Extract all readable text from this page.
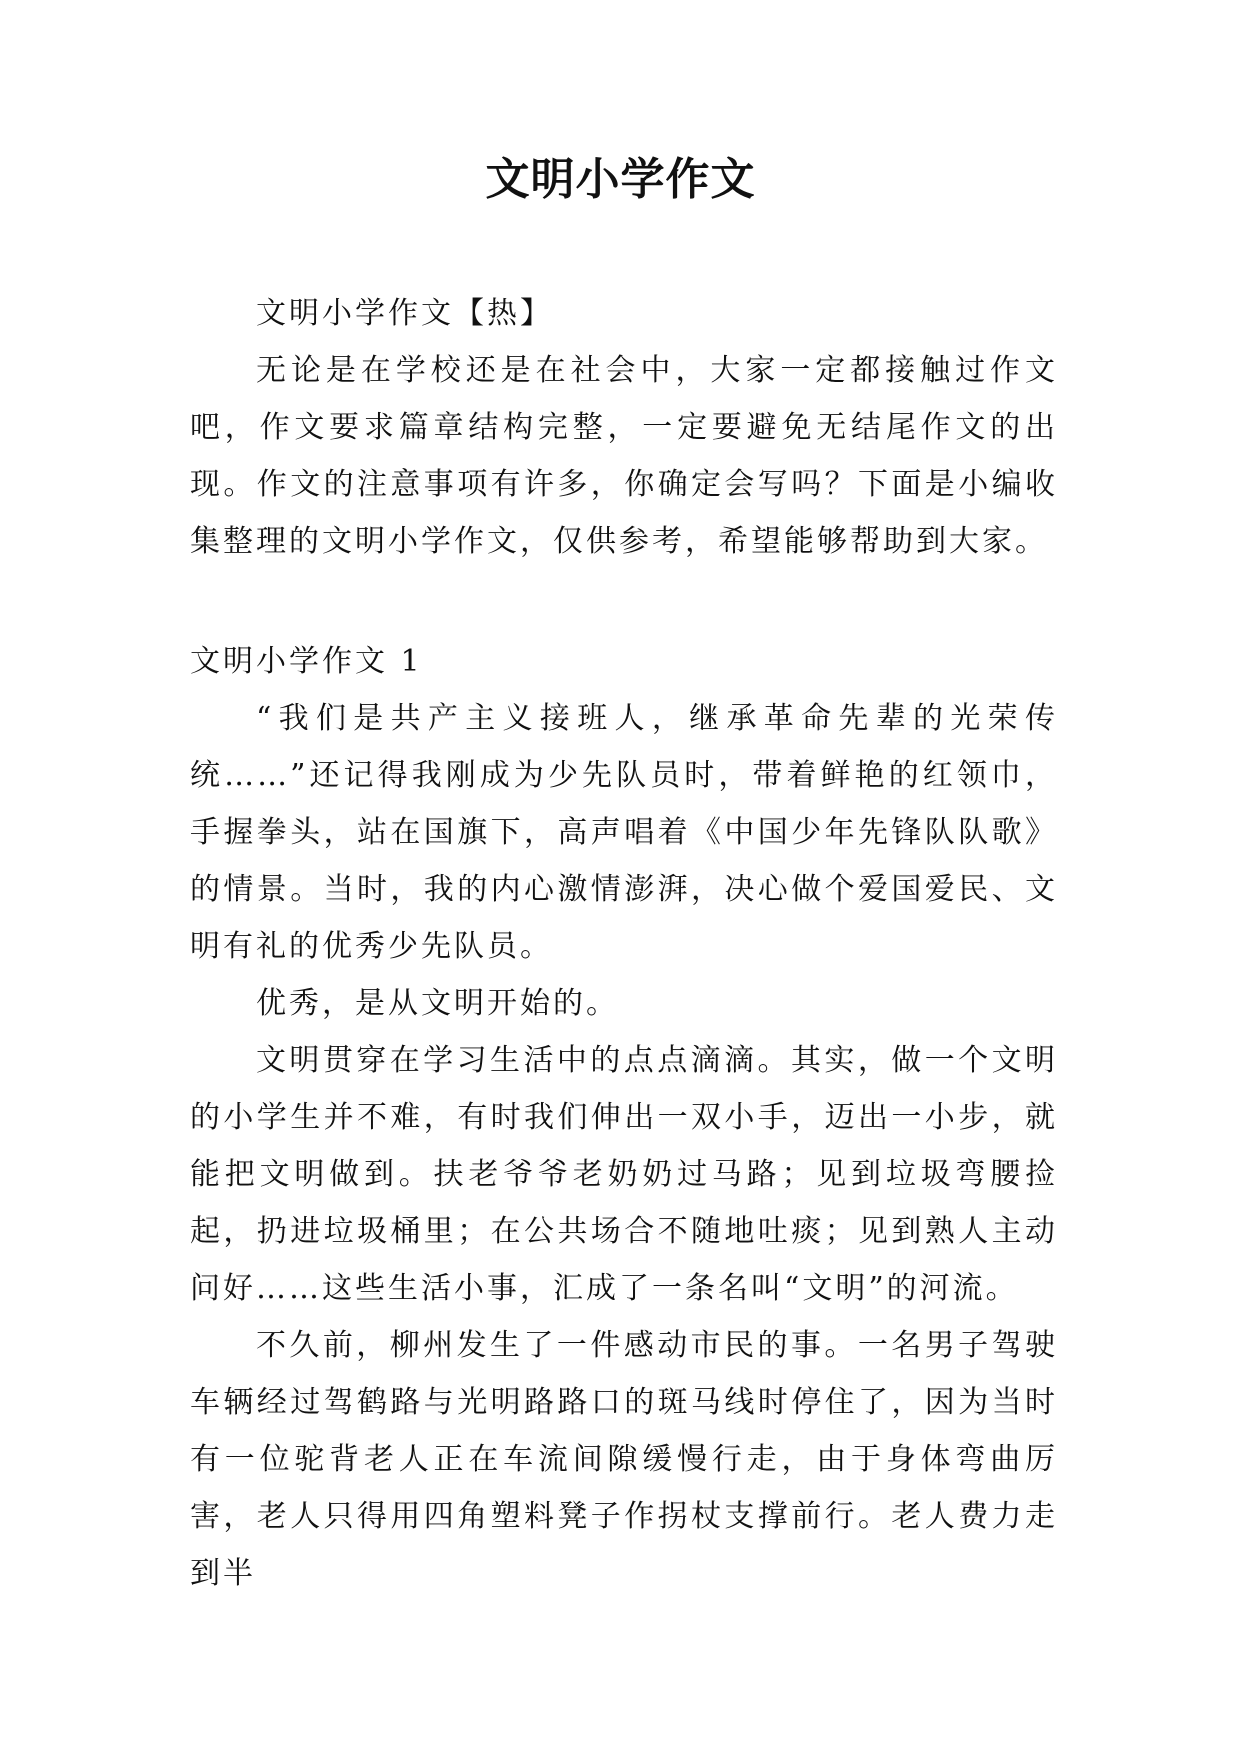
文明小学作文

文明小学作文【热】

无论是在学校还是在社会中，大家一定都接触过作文吧，作文要求篇章结构完整，一定要避免无结尾作文的出现。作文的注意事项有许多，你确定会写吗？下面是小编收集整理的文明小学作文，仅供参考，希望能够帮助到大家。

文明小学作文 1

“我们是共产主义接班人，继承革命先辈的光荣传统……”还记得我刚成为少先队员时，带着鲜艳的红领巾，手握拳头，站在国旗下，高声唱着《中国少年先锋队队歌》的情景。当时，我的内心激情澎湃，决心做个爱国爱民、文明有礼的优秀少先队员。

优秀，是从文明开始的。

文明贯穿在学习生活中的点点滴滴。其实，做一个文明的小学生并不难，有时我们伸出一双小手，迈出一小步，就能把文明做到。扶老爷爷老奶奶过马路；见到垃圾弯腰捡起，扔进垃圾桶里；在公共场合不随地吐痰；见到熟人主动问好……这些生活小事，汇成了一条名叫“文明”的河流。

不久前，柳州发生了一件感动市民的事。一名男子驾驶车辆经过驾鹤路与光明路路口的斑马线时停住了，因为当时有一位驼背老人正在车流间隙缓慢行走，由于身体弯曲厉害，老人只得用四角塑料凳子作拐杖支撑前行。老人费力走到半
